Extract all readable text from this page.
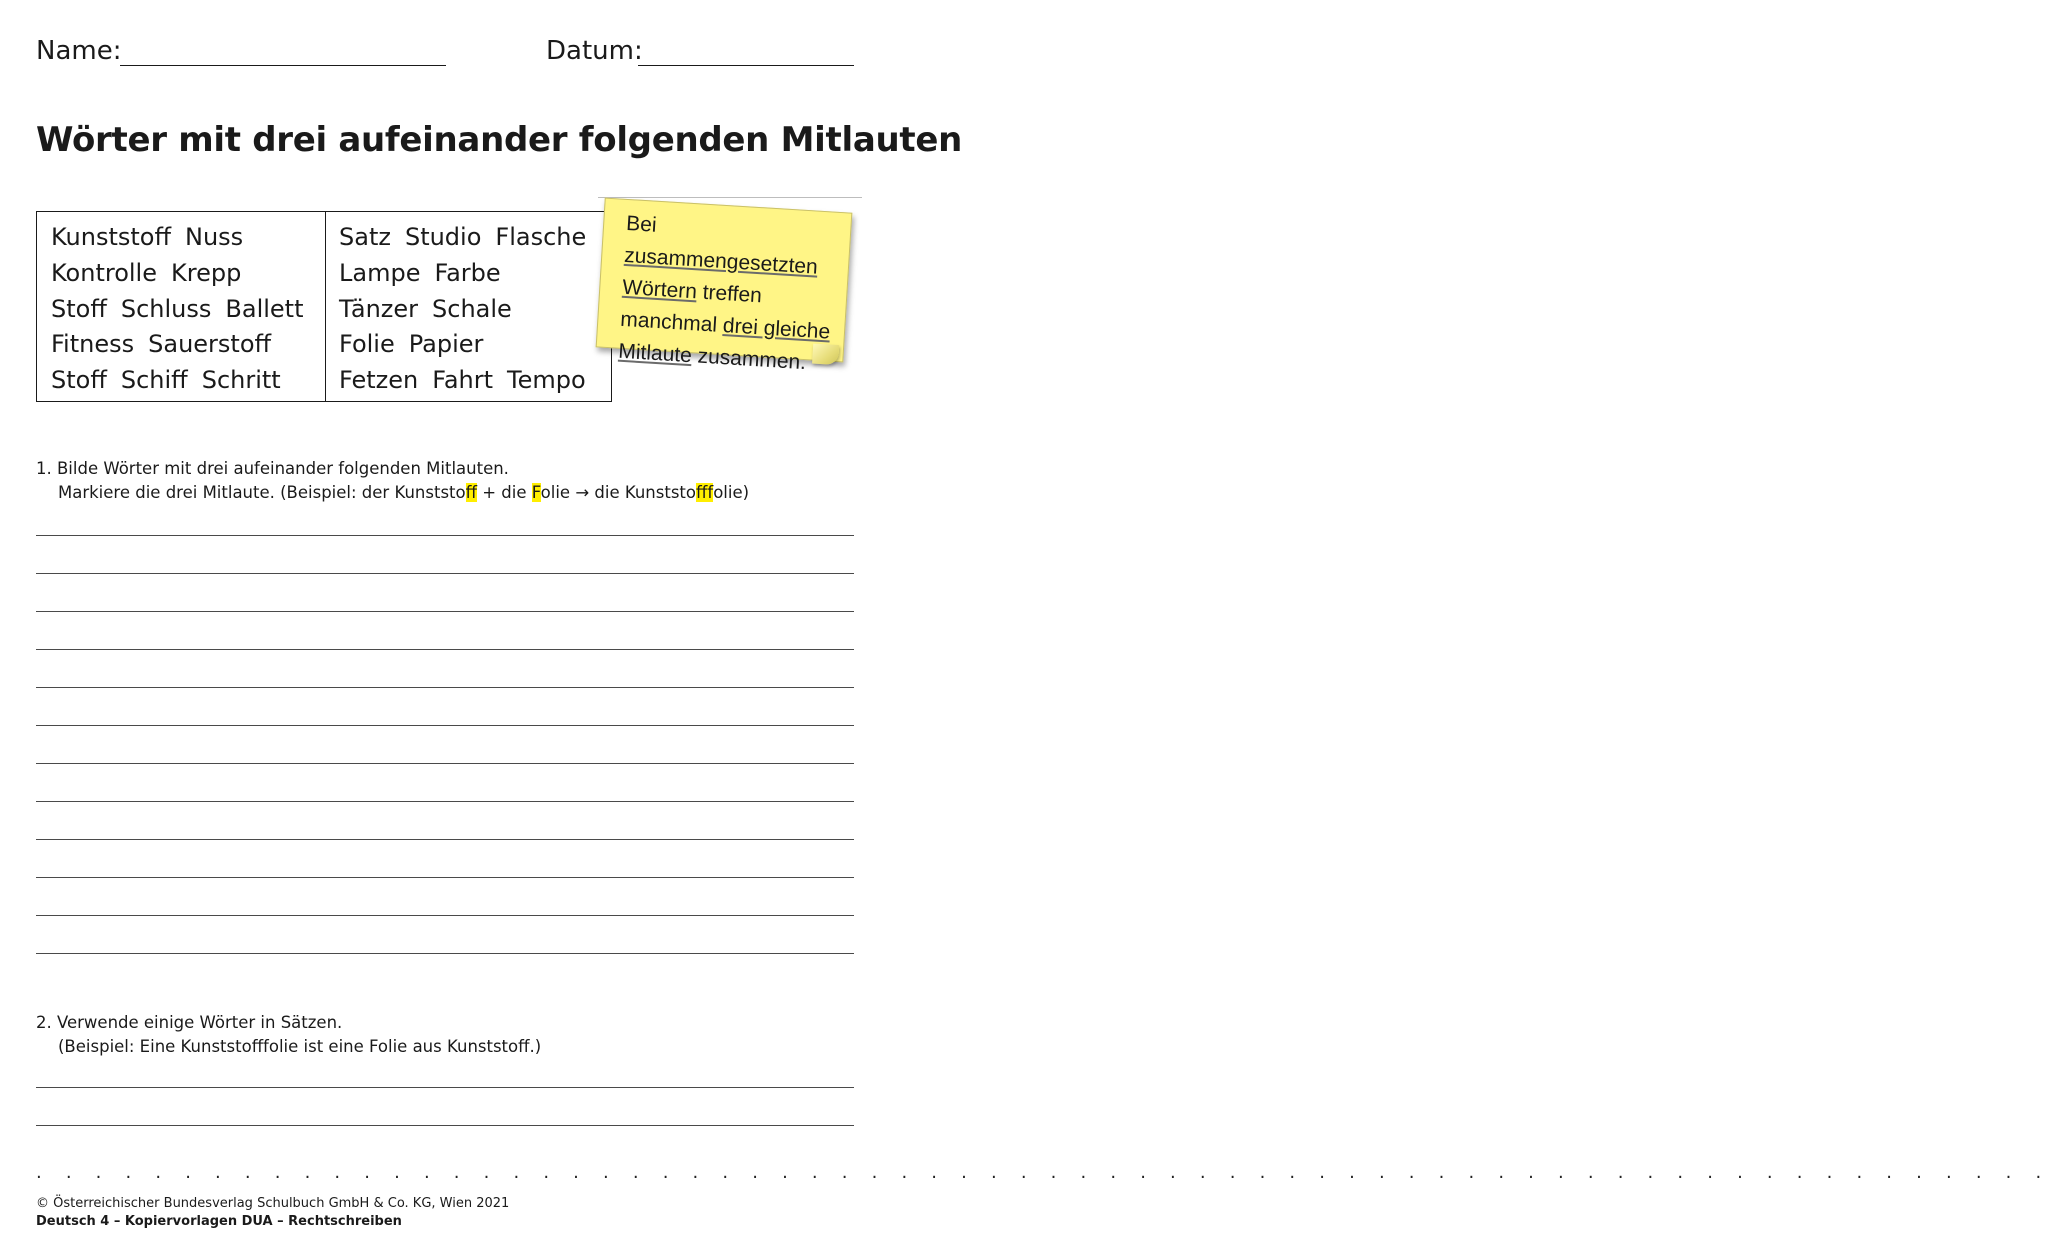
Name:	Datum:
Wörter mit drei aufeinander folgenden Mitlauten
Kunststoff Nuss
Kontrolle Krepp
Stoff Schluss Ballett
Fitness Sauerstoff
Stoff Schiff Schritt
Satz Studio Flasche
Lampe Farbe
Tänzer Schale
Folie Papier
Fetzen Fahrt Tempo
Bei zusammengesetzten
Wörtern treffen
manchmal drei gleiche
Mitlaute zusammen.
1. Bilde Wörter mit drei aufeinander folgenden Mitlauten.
Markiere die drei Mitlaute. (Beispiel: der Kunststoff + die Folie → die Kunststofffolie)
2. Verwende einige Wörter in Sätzen.
(Beispiel: Eine Kunststofffolie ist eine Folie aus Kunststoff.)
. . . . . . . . . . . . . . . . . . . . . . . . . . . . . . . . . . . . . . . . . . . . . . . . . . . . . . . . . . . . . . . . . . . .
© Österreichischer Bundesverlag Schulbuch GmbH & Co. KG, Wien 2021
Deutsch 4 – Kopiervorlagen DUA – Rechtschreiben
